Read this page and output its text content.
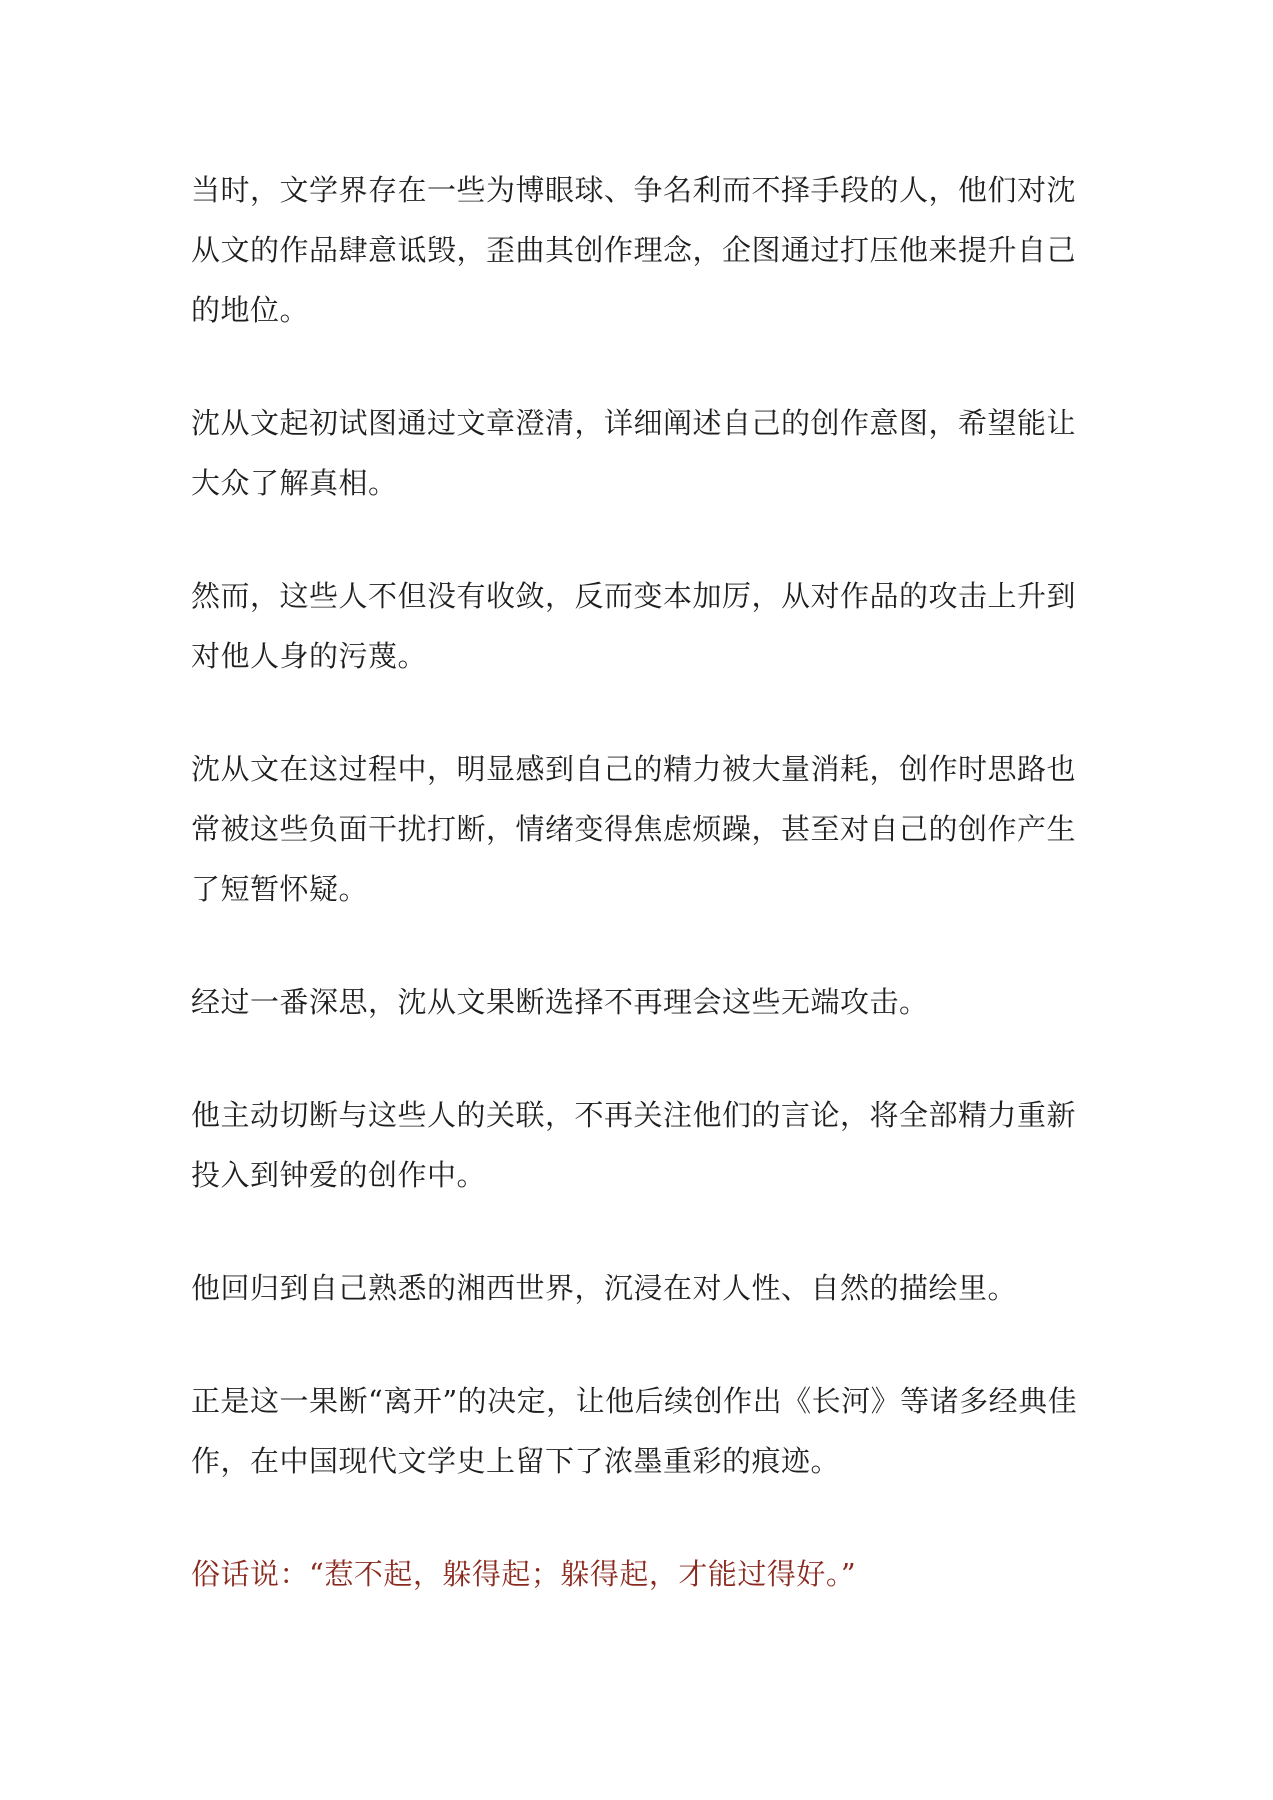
当时，文学界存在一些为博眼球、争名利而不择手段的人，他们对沈从文的作品肆意诋毁，歪曲其创作理念，企图通过打压他来提升自己的地位。

沈从文起初试图通过文章澄清，详细阐述自己的创作意图，希望能让大众了解真相。

然而，这些人不但没有收敛，反而变本加厉，从对作品的攻击上升到对他人身的污蔑。

沈从文在这过程中，明显感到自己的精力被大量消耗，创作时思路也常被这些负面干扰打断，情绪变得焦虑烦躁，甚至对自己的创作产生了短暂怀疑。

经过一番深思，沈从文果断选择不再理会这些无端攻击。

他主动切断与这些人的关联，不再关注他们的言论，将全部精力重新投入到钟爱的创作中。

他回归到自己熟悉的湘西世界，沉浸在对人性、自然的描绘里。

正是这一果断“离开”的决定，让他后续创作出《长河》等诸多经典佳作，在中国现代文学史上留下了浓墨重彩的痕迹。

俗话说：“惹不起，躲得起；躲得起，才能过得好。”
